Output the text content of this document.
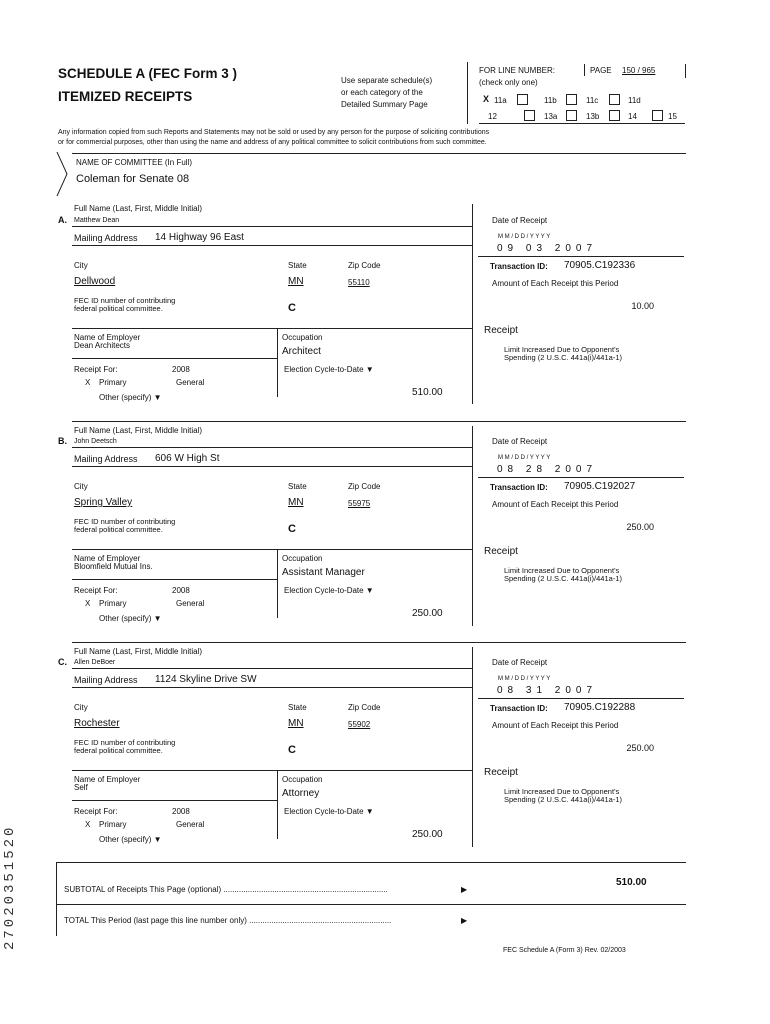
SCHEDULE A (FEC Form 3 )
ITEMIZED RECEIPTS
Use separate schedule(s)
or each category of the
Detailed Summary Page
FOR LINE NUMBER:
(check only one)
PAGE 150 / 965
X 11a	11b	11c	11d
12	13a	13b	14	15
Any information copied from such Reports and Statements may not be sold or used by any person for the purpose of soliciting contributions
or for commercial purposes, other than using the name and address of any political committee to solicit contributions from such committee.
NAME OF COMMITTEE (In Full)
Coleman for Senate 08
Full Name (Last, First, Middle Initial)
A. Matthew Dean
Mailing Address 14 Highway 96 East
City	State	Zip Code
Dellwood	MN	55110
FEC ID number of contributing
federal political committee.	C
Name of Employer
Dean Architects
Occupation
Architect
Receipt For:	2008	Election Cycle-to-Date ▼
X Primary	General
Other (specify) ▼	510.00
Date of Receipt
M M / D D / Y Y Y Y
09 03 2007
Transaction ID: 70905.C192336
Amount of Each Receipt this Period
10.00
Receipt
Limit Increased Due to Opponent's
Spending (2 U.S.C. 441a(i)/441a-1)
Full Name (Last, First, Middle Initial)
B. John Deetsch
Mailing Address 606 W High St
City	State	Zip Code
Spring Valley	MN	55975
FEC ID number of contributing
federal political committee.	C
Name of Employer
Bloomfield Mutual Ins.
Occupation
Assistant Manager
Receipt For:	2008	Election Cycle-to-Date ▼
X Primary	General
Other (specify) ▼	250.00
Date of Receipt
M M / D D / Y Y Y Y
08 28 2007
Transaction ID: 70905.C192027
Amount of Each Receipt this Period
250.00
Receipt
Limit Increased Due to Opponent's
Spending (2 U.S.C. 441a(i)/441a-1)
Full Name (Last, First, Middle Initial)
C. Allen DeBoer
Mailing Address 1124 Skyline Drive SW
City	State	Zip Code
Rochester	MN	55902
FEC ID number of contributing
federal political committee.	C
Name of Employer
Self
Occupation
Attorney
Receipt For:	2008	Election Cycle-to-Date ▼
X Primary	General
Other (specify) ▼	250.00
Date of Receipt
M M / D D / Y Y Y Y
08 31 2007
Transaction ID: 70905.C192288
Amount of Each Receipt this Period
250.00
Receipt
Limit Increased Due to Opponent's
Spending (2 U.S.C. 441a(i)/441a-1)
SUBTOTAL of Receipts This Page (optional) ..........................................................................	▶
510.00
TOTAL This Period (last page this line number only) ................................................................	▶
FEC Schedule A (Form 3) Rev. 02/2003
27020351520
